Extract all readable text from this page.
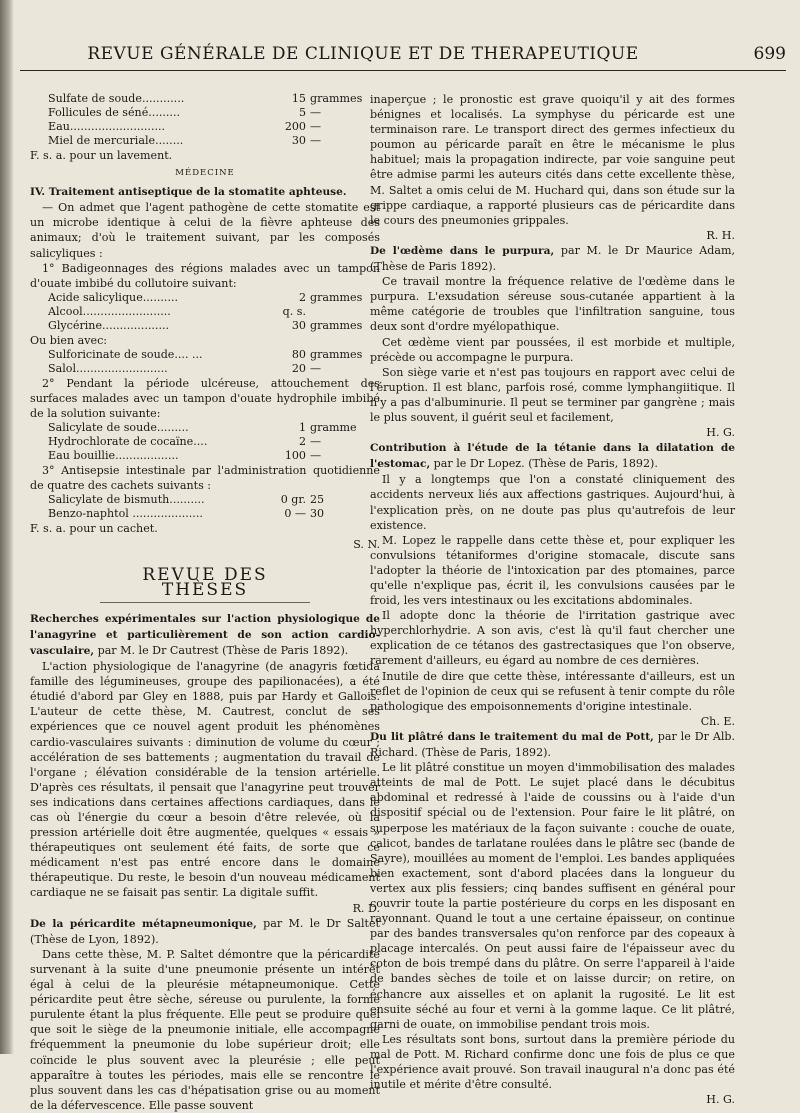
REVUE GÉNÉRALE DE CLINIQUE ET DE THERAPEUTIQUE	699
Sulfate de soude............	15	grammes
Follicules de séné.........	5	—
Eau...........................	200	—
Miel de mercuriale........	30	—

F. s. a. pour un lavement.

MÉDECINE

IV. Traitement antiseptique de la stomatite aphteuse.

— On admet que l'agent pathogène de cette stomatite est un microbe identique à celui de la fièvre aphteuse des animaux; d'où le traitement suivant, par les composés salicyliques :

1° Badigeonnages des régions malades avec un tampon d'ouate imbibé du collutoire suivant:

Acide salicylique..........	2	grammes
Alcool.........................	q. s.	
Glycérine...................	30	grammes

Ou bien avec:

Sulforicinate de soude.... ...	80	grammes
Salol..........................	20	—

2° Pendant la période ulcéreuse, attouchement des surfaces malades avec un tampon d'ouate hydrophile imbibé de la solution suivante:

Salicylate de soude.........	1	gramme
Hydrochlorate de cocaïne....	2	—
Eau bouillie..................	100	—

3° Antisepsie intestinale par l'administration quotidienne de quatre des cachets suivants :

Salicylate de bismuth..........	0 gr.	25
Benzo-naphtol ....................	0 —	30

F. s. a. pour un cachet.

S. N.
REVUE DES THÈSES

Recherches expérimentales sur l'action physiologique de l'anagyrine et particulièrement de son action cardio-vasculaire, par M. le Dr Cautrest (Thèse de Paris 1892).

L'action physiologique de l'anagyrine (de anagyris fœtida famille des légumineuses, groupe des papilionacées), a été étudié d'abord par Gley en 1888, puis par Hardy et Gallois. L'auteur de cette thèse, M. Cautrest, conclut de ses expériences que ce nouvel agent produit les phénomènes cardio-vasculaires suivants : diminution de volume du cœur ; accélération de ses battements ; augmentation du travail de l'organe ; élévation considérable de la tension artérielle. D'après ces résultats, il pensait que l'anagyrine peut trouver ses indications dans certaines affections cardiaques, dans le cas où l'énergie du cœur a besoin d'être relevée, où la pression artérielle doit être augmentée, quelques « essais » thérapeutiques ont seulement été faits, de sorte que ce médicament n'est pas entré encore dans le domaine thérapeutique. Du reste, le besoin d'un nouveau médicament cardiaque ne se faisait pas sentir. La digitale suffit.

R. D.

De la péricardite métapneumonique, par M. le Dr Saltet (Thèse de Lyon, 1892).

Dans cette thèse, M. P. Saltet démontre que la péricardite survenant à la suite d'une pneumonie présente un intérêt égal à celui de la pleurésie métapneumonique. Cette péricardite peut être sèche, séreuse ou purulente, la forme purulente étant la plus fréquente. Elle peut se produire quel que soit le siège de la pneumonie initiale, elle accompagne fréquemment la pneumonie du lobe supérieur droit; elle coïncide le plus souvent avec la pleurésie ; elle peut apparaître à toutes les périodes, mais elle se rencontre le plus souvent dans les cas d'hépatisation grise ou au moment de la défervescence. Elle passe souvent

inaperçue ; le pronostic est grave quoiqu'il y ait des formes bénignes et localisés. La symphyse du péricarde est une terminaison rare. Le transport direct des germes infectieux du poumon au péricarde paraît en être le mécanisme le plus habituel; mais la propagation indirecte, par voie sanguine peut être admise parmi les auteurs cités dans cette excellente thèse, M. Saltet a omis celui de M. Huchard qui, dans son étude sur la grippe cardiaque, a rapporté plusieurs cas de péricardite dans le cours des pneumonies grippales.

R. H.

De l'œdème dans le purpura, par M. le Dr Maurice Adam, (Thèse de Paris 1892).

Ce travail montre la fréquence relative de l'œdème dans le purpura. L'exsudation séreuse sous-cutanée appartient à la même catégorie de troubles que l'infiltration sanguine, tous deux sont d'ordre myélopathique.

Cet œdème vient par poussées, il est morbide et multiple, précède ou accompagne le purpura.

Son siège varie et n'est pas toujours en rapport avec celui de l'éruption. Il est blanc, parfois rosé, comme lymphangiitique. Il n'y a pas d'albuminurie. Il peut se terminer par gangrène ; mais le plus souvent, il guérit seul et facilement,

H. G.

Contribution à l'étude de la tétanie dans la dilatation de l'estomac, par le Dr Lopez. (Thèse de Paris, 1892).

Il y a longtemps que l'on a constaté cliniquement des accidents nerveux liés aux affections gastriques. Aujourd'hui, à l'explication près, on ne doute pas plus qu'autrefois de leur existence.

M. Lopez le rappelle dans cette thèse et, pour expliquer les convulsions tétaniformes d'origine stomacale, discute sans l'adopter la théorie de l'intoxication par des ptomaines, parce qu'elle n'explique pas, écrit il, les convulsions causées par le froid, les vers intestinaux ou les excitations abdominales.

Il adopte donc la théorie de l'irritation gastrique avec hyperchlorhydrie. A son avis, c'est là qu'il faut chercher une explication de ce tétanos des gastrectasiques que l'on observe, rarement d'ailleurs, eu égard au nombre de ces dernières.

Inutile de dire que cette thèse, intéressante d'ailleurs, est un reflet de l'opinion de ceux qui se refusent à tenir compte du rôle pathologique des empoisonnements d'origine intestinale.

Ch. E.

Du lit plâtré dans le traitement du mal de Pott, par le Dr Alb. Richard. (Thèse de Paris, 1892).

Le lit plâtré constitue un moyen d'immobilisation des malades atteints de mal de Pott. Le sujet placé dans le décubitus abdominal et redressé à l'aide de coussins ou à l'aide d'un dispositif spécial ou de l'extension. Pour faire le lit plâtré, on superpose les matériaux de la façon suivante : couche de ouate, calicot, bandes de tarlatane roulées dans le plâtre sec (bande de Sayre), mouillées au moment de l'emploi. Les bandes appliquées bien exactement, sont d'abord placées dans la longueur du vertex aux plis fessiers; cinq bandes suffisent en général pour couvrir toute la partie postérieure du corps en les disposant en rayonnant. Quand le tout a une certaine épaisseur, on continue par des bandes transversales qu'on renforce par des copeaux à placage intercalés. On peut aussi faire de l'épaisseur avec du coton de bois trempé dans du plâtre. On serre l'appareil à l'aide de bandes sèches de toile et on laisse durcir; on retire, on échancre aux aisselles et on aplanit la rugosité. Le lit est ensuite séché au four et verni à la gomme laque. Ce lit plâtré, garni de ouate, on immobilise pendant trois mois.

Les résultats sont bons, surtout dans la première période du mal de Pott. M. Richard confirme donc une fois de plus ce que l'expérience avait prouvé. Son travail inaugural n'a donc pas été inutile et mérite d'être consulté.

H. G.
